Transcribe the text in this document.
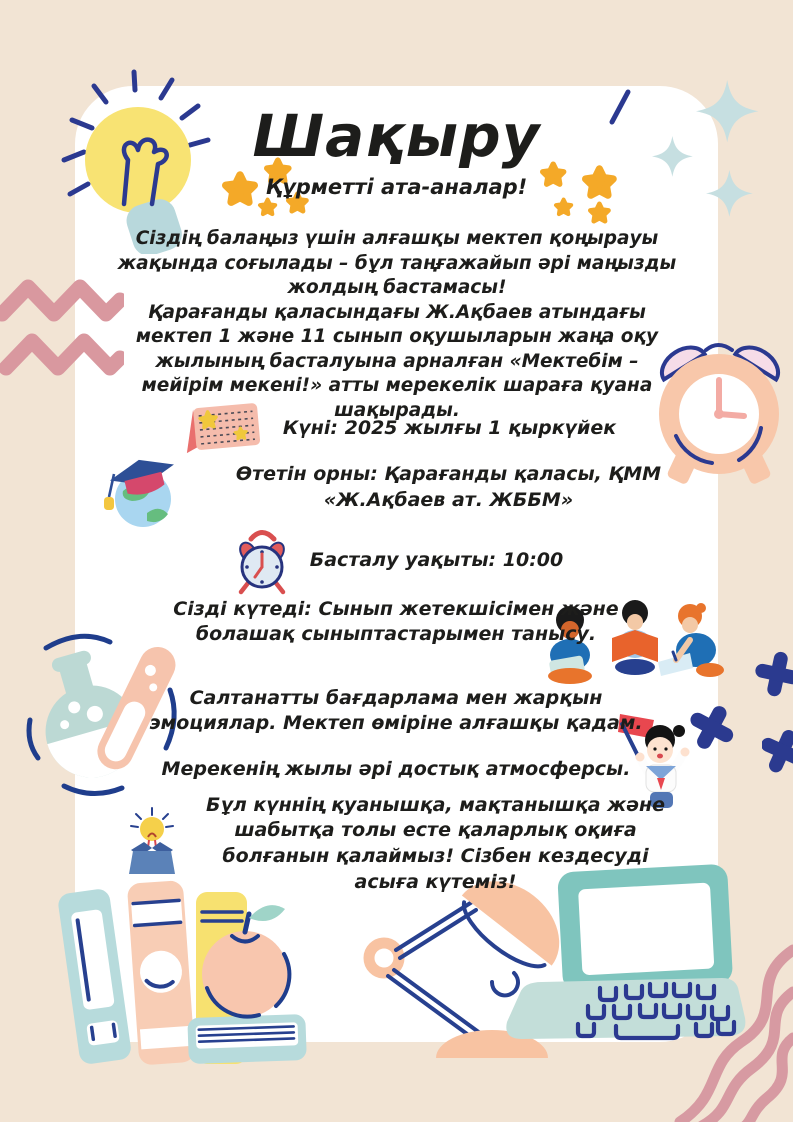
Шақыру
Құрметті ата-аналар!

Сіздің балаңыз үшін алғашқы мектеп қоңырауы жақында соғылады – бұл таңғажайып әрі маңызды жолдың бастамасы!

Қарағанды қаласындағы Ж.Ақбаев атындағы мектеп 1 және 11 сынып оқушыларын жаңа оқу жылының басталуына арналған «Мектебім – мейірім мекені!» атты мерекелік шараға қуана шақырады.

Күні: 2025 жылғы 1 қыркүйек
Өтетін орны: Қарағанды қаласы, ҚММ «Ж.Ақбаев ат. ЖББМ»
Басталу уақыты: 10:00
Сізді күтеді: Сынып жетекшісімен және болашақ сыныптастарымен танысу.
Салтанатты бағдарлама мен жарқын эмоциялар. Мектеп өміріне алғашқы қадам.
Мерекенің жылы әрі достық атмосферсы.
Бұл күннің қуанышқа, мақтанышқа және шабытқа толы есте қаларлық оқиға болғанын қалаймыз! Сізбен кездесуді асыға күтеміз!
